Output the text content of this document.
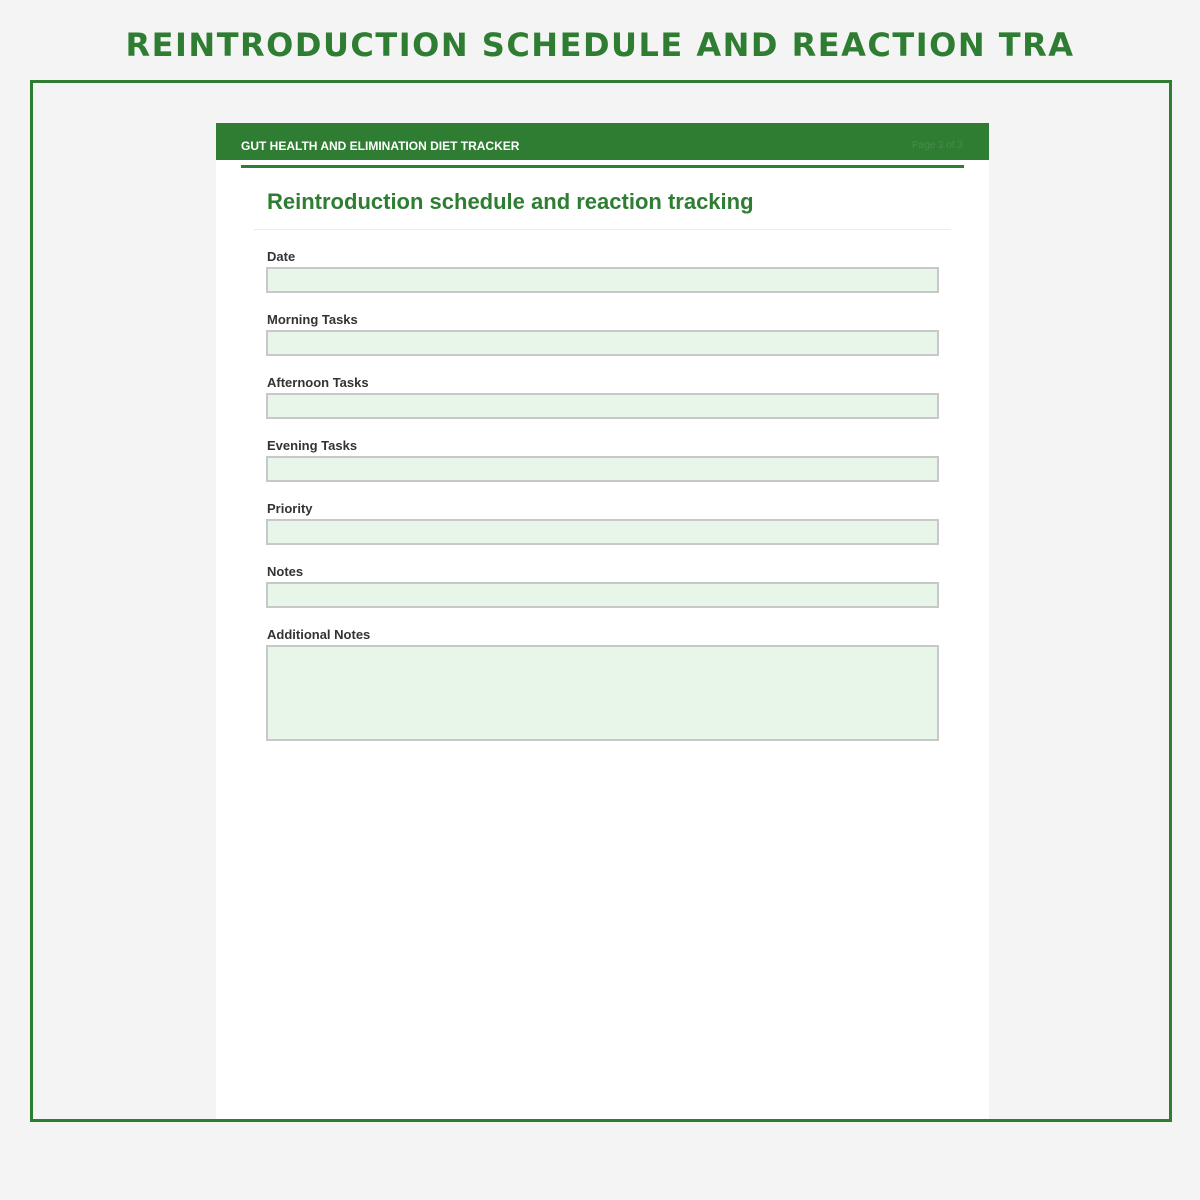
REINTRODUCTION SCHEDULE AND REACTION TRA
GUT HEALTH AND ELIMINATION DIET TRACKER	Page 3 of 3
Reintroduction schedule and reaction tracking
Date
Morning Tasks
Afternoon Tasks
Evening Tasks
Priority
Notes
Additional Notes
